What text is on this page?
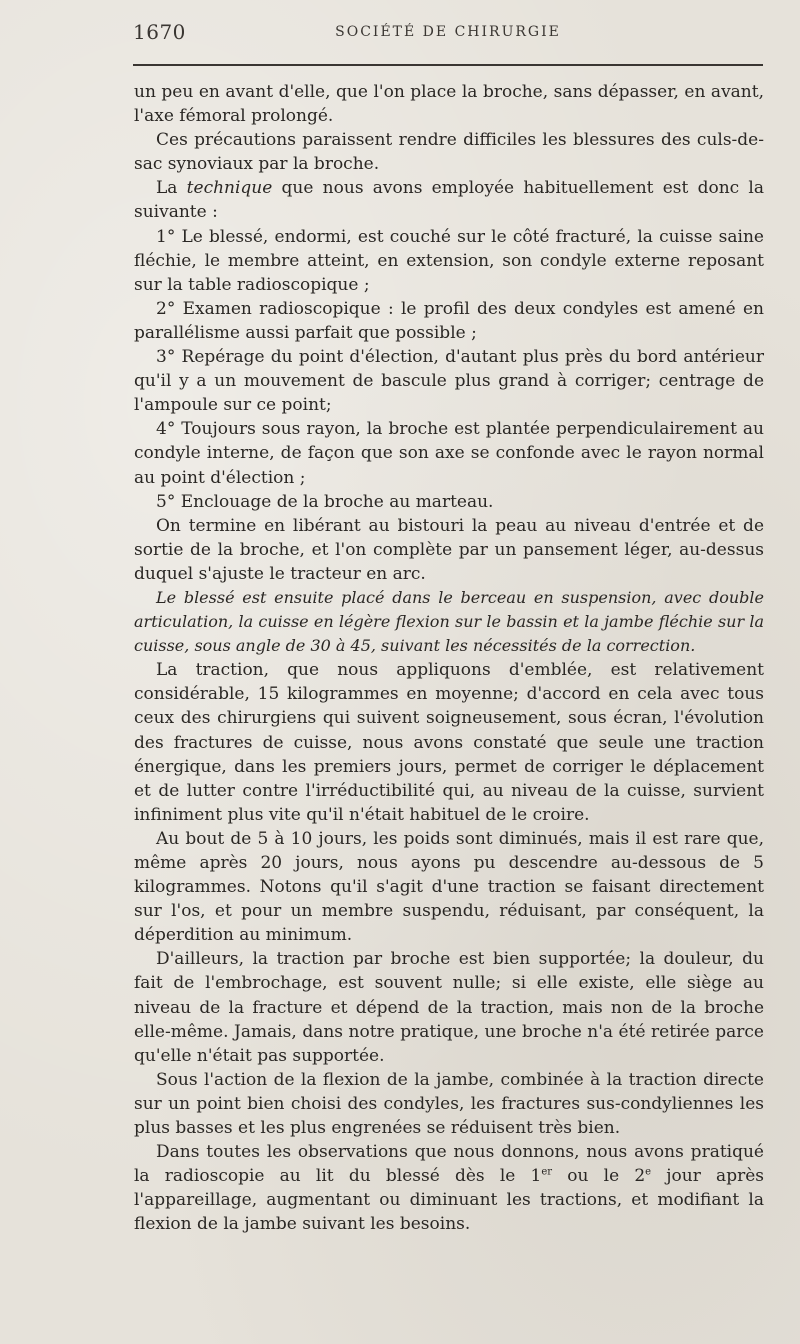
1670	SOCIÉTÉ DE CHIRURGIE

un peu en avant d'elle, que l'on place la broche, sans dépasser, en avant, l'axe fémoral prolongé.

Ces précautions paraissent rendre difficiles les blessures des culs-de-sac synoviaux par la broche.

La technique que nous avons employée habituellement est donc la suivante :

1° Le blessé, endormi, est couché sur le côté fracturé, la cuisse saine fléchie, le membre atteint, en extension, son condyle externe reposant sur la table radioscopique ;

2° Examen radioscopique : le profil des deux condyles est amené en parallélisme aussi parfait que possible ;

3° Repérage du point d'élection, d'autant plus près du bord antérieur qu'il y a un mouvement de bascule plus grand à corriger; centrage de l'ampoule sur ce point;

4° Toujours sous rayon, la broche est plantée perpendiculairement au condyle interne, de façon que son axe se confonde avec le rayon normal au point d'élection ;

5° Enclouage de la broche au marteau.

On termine en libérant au bistouri la peau au niveau d'entrée et de sortie de la broche, et l'on complète par un pansement léger, au-dessus duquel s'ajuste le tracteur en arc.

Le blessé est ensuite placé dans le berceau en suspension, avec double articulation, la cuisse en légère flexion sur le bassin et la jambe fléchie sur la cuisse, sous angle de 30 à 45, suivant les nécessités de la correction.

La traction, que nous appliquons d'emblée, est relativement considérable, 15 kilogrammes en moyenne; d'accord en cela avec tous ceux des chirurgiens qui suivent soigneusement, sous écran, l'évolution des fractures de cuisse, nous avons constaté que seule une traction énergique, dans les premiers jours, permet de corriger le déplacement et de lutter contre l'irréductibilité qui, au niveau de la cuisse, survient infiniment plus vite qu'il n'était habituel de le croire.

Au bout de 5 à 10 jours, les poids sont diminués, mais il est rare que, même après 20 jours, nous ayons pu descendre au-dessous de 5 kilogrammes. Notons qu'il s'agit d'une traction se faisant directement sur l'os, et pour un membre suspendu, réduisant, par conséquent, la déperdition au minimum.

D'ailleurs, la traction par broche est bien supportée; la douleur, du fait de l'embrochage, est souvent nulle; si elle existe, elle siège au niveau de la fracture et dépend de la traction, mais non de la broche elle-même. Jamais, dans notre pratique, une broche n'a été retirée parce qu'elle n'était pas supportée.

Sous l'action de la flexion de la jambe, combinée à la traction directe sur un point bien choisi des condyles, les fractures sus-condyliennes les plus basses et les plus engrenées se réduisent très bien.

Dans toutes les observations que nous donnons, nous avons pratiqué la radioscopie au lit du blessé dès le 1er ou le 2e jour après l'appareillage, augmentant ou diminuant les tractions, et modifiant la flexion de la jambe suivant les besoins.
